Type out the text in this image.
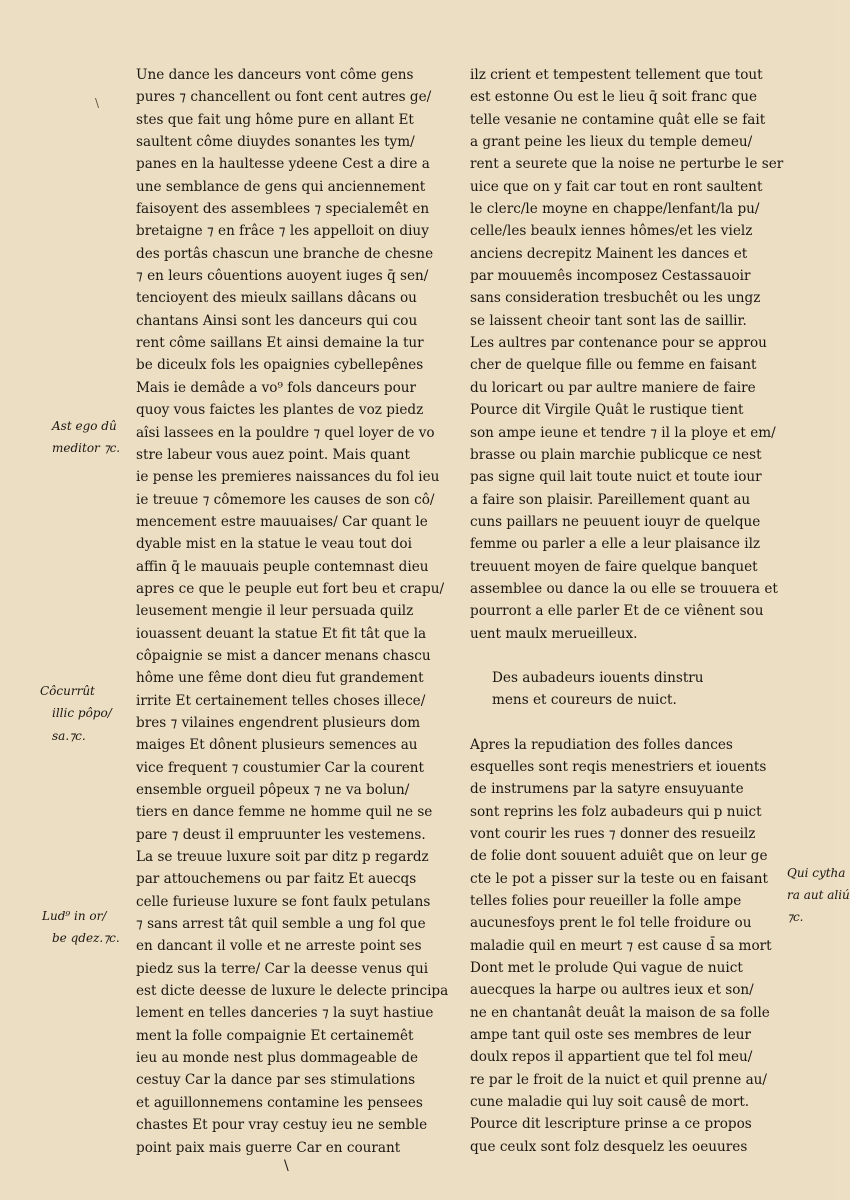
\
Une dance les danceurs vont côme gens
pures ⁊ chancellent ou font cent autres ge/
stes que fait ung hôme pure en allant Et
saultent côme diuydes sonantes les tym/
panes en la haultesse ydeene Cest a dire a
une semblance de gens qui anciennement
faisoyent des assemblees ⁊ specialemêt en
bretaigne ⁊ en frâce ⁊ les appelloit on diuy
des portâs chascun une branche de chesne
⁊ en leurs côuentions auoyent iuges q̄ sen/
tencioyent des mieulx saillans dâcans ou
chantans Ainsi sont les danceurs qui cou
rent côme saillans Et ainsi demaine la tur
be diceulx fols les opaignies cybellepênes
Mais ie demâde a vo⁹ fols danceurs pour
quoy vous faictes les plantes de voz piedz
aîsi lassees en la pouldre ⁊ quel loyer de vo
stre labeur vous auez point. Mais quant
ie pense les premieres naissances du fol ieu
ie treuue ⁊ cômemore les causes de son cô/
mencement estre mauuaises/ Car quant le
dyable mist en la statue le veau tout doi
affin q̄ le mauuais peuple contemnast dieu
apres ce que le peuple eut fort beu et crapu/
leusement mengie il leur persuada quilz
iouassent deuant la statue Et fit tât que la
côpaignie se mist a dancer menans chascu
hôme une fême dont dieu fut grandement
irrite Et certainement telles choses illece/
bres ⁊ vilaines engendrent plusieurs dom
maiges Et dônent plusieurs semences au
vice frequent ⁊ coustumier Car la courent
ensemble orgueil pôpeux ⁊ ne va bolun/
tiers en dance femme ne homme quil ne se
pare ⁊ deust il empruunter les vestemens.
La se treuue luxure soit par ditz p regardz
par attouchemens ou par faitz Et auecqs
celle furieuse luxure se font faulx petulans
⁊ sans arrest tât quil semble a ung fol que
en dancant il volle et ne arreste point ses
piedz sus la terre/ Car la deesse venus qui
est dicte deesse de luxure le delecte principa
lement en telles danceries ⁊ la suyt hastiue
ment la folle compaignie Et certainemêt
ieu au monde nest plus dommageable de
cestuy Car la dance par ses stimulations
et aguillonnemens contamine les pensees
chastes Et pour vray cestuy ieu ne semble
point paix mais guerre Car en courant
ilz crient et tempestent tellement que tout
est estonne Ou est le lieu q̄ soit franc que
telle vesanie ne contamine quât elle se fait
a grant peine les lieux du temple demeu/
rent a seurete que la noise ne perturbe le ser
uice que on y fait car tout en ront saultent
le clerc/le moyne en chappe/lenfant/la pu/
celle/les beaulx iennes hômes/et les vielz
anciens decrepitz Mainent les dances et
par mouuemês incomposez Cestassauoir
sans consideration tresbuchêt ou les ungz
se laissent cheoir tant sont las de saillir.
Les aultres par contenance pour se approu
cher de quelque fille ou femme en faisant
du loricart ou par aultre maniere de faire
Pource dit Virgile Quât le rustique tient
son ampe ieune et tendre ⁊ il la ploye et em/
brasse ou plain marchie publicque ce nest
pas signe quil lait toute nuict et toute iour
a faire son plaisir. Pareillement quant au
cuns paillars ne peuuent iouyr de quelque
femme ou parler a elle a leur plaisance ilz
treuuent moyen de faire quelque banquet
assemblee ou dance la ou elle se trouuera et
pourront a elle parler Et de ce viênent sou
uent maulx merueilleux.
Des aubadeurs iouents dinstru
mens et coureurs de nuict.
Apres la repudiation des folles dances
esquelles sont reqis menestriers et iouents
de instrumens par la satyre ensuyuante
sont reprins les folz aubadeurs qui p nuict
vont courir les rues ⁊ donner des resueilz
de folie dont souuent aduiêt que on leur ge
cte le pot a pisser sur la teste ou en faisant
telles folies pour reueiller la folle ampe
aucunesfoys prent le fol telle froidure ou
maladie quil en meurt ⁊ est cause d̄ sa mort
Dont met le prolude Qui vague de nuict
auecques la harpe ou aultres ieux et son/
ne en chantanât deuât la maison de sa folle
ampe tant quil oste ses membres de leur
doulx repos il appartient que tel fol meu/
re par le froit de la nuict et quil prenne au/
cune maladie qui luy soit causê de mort.
Pource dit lescripture prinse a ce propos
que ceulx sont folz desquelz les oeuures
Ast ego dû
meditor ⁊c.
Côcurrût
illic pôpo/
sa.⁊c.
Lud⁹ in or/
be qdez.⁊c.
Qui cytha
ra aut aliú
⁊c.
\
